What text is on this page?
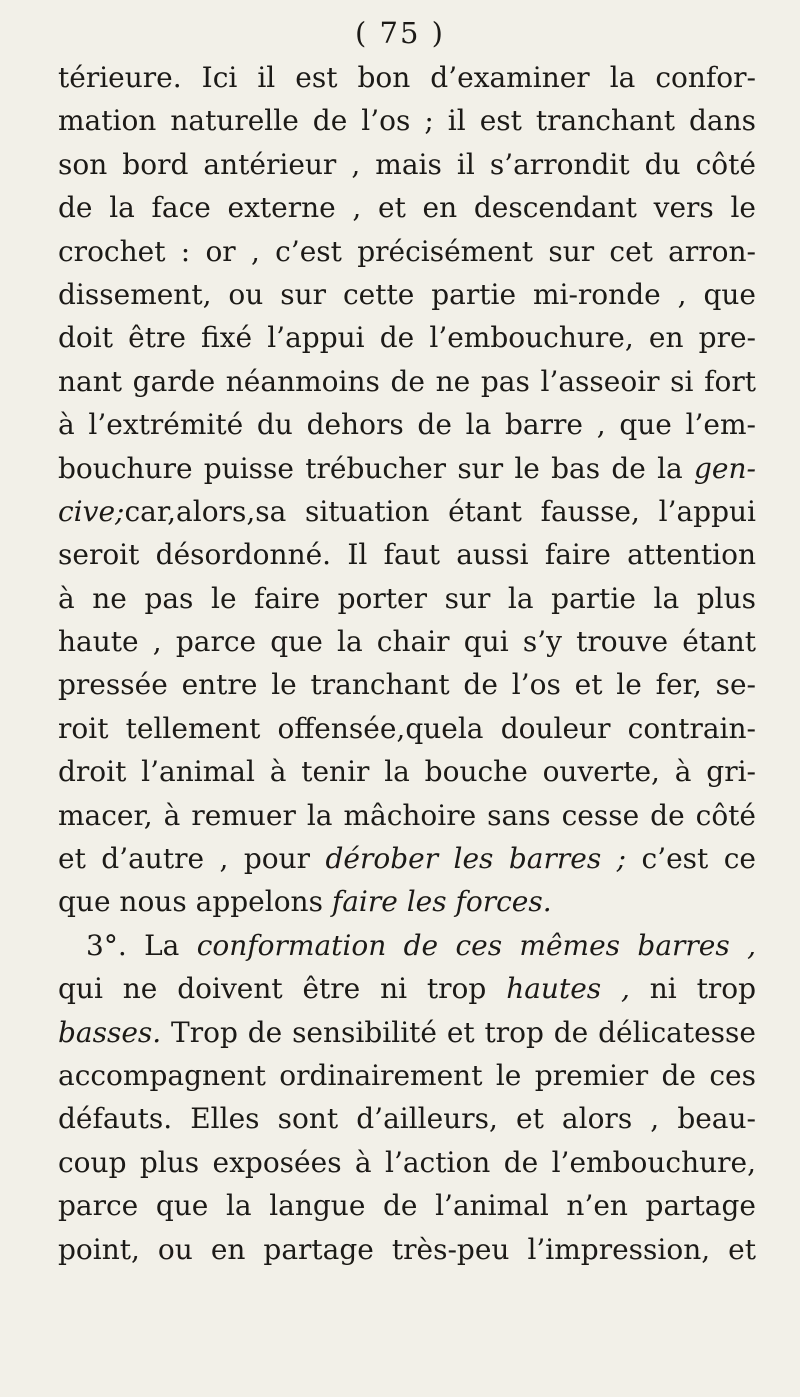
( 75 )
térieure. Ici il est bon d’examiner la confor-
mation naturelle de l’os ; il est tranchant dans
son bord antérieur , mais il s’arrondit du côté
de la face externe , et en descendant vers le
crochet : or , c’est précisément sur cet arron-
dissement, ou sur cette partie mi-ronde , que
doit être fixé l’appui de l’embouchure, en pre-
nant garde néanmoins de ne pas l’asseoir si fort
à l’extrémité du dehors de la barre , que l’em-
bouchure puisse trébucher sur le bas de la gen-
cive;car,alors,sa situation étant fausse, l’appui
seroit désordonné. Il faut aussi faire attention
à ne pas le faire porter sur la partie la plus
haute , parce que la chair qui s’y trouve étant
pressée entre le tranchant de l’os et le fer, se-
roit tellement offensée,quela douleur contrain-
droit l’animal à tenir la bouche ouverte, à gri-
macer, à remuer la mâchoire sans cesse de côté
et d’autre , pour dérober les barres ; c’est ce
que nous appelons faire les forces.
3°. La conformation de ces mêmes barres ,
qui ne doivent être ni trop hautes , ni trop
basses. Trop de sensibilité et trop de délicatesse
accompagnent ordinairement le premier de ces
défauts. Elles sont d’ailleurs, et alors , beau-
coup plus exposées à l’action de l’embouchure,
parce que la langue de l’animal n’en partage
point, ou en partage très-peu l’impression, et
